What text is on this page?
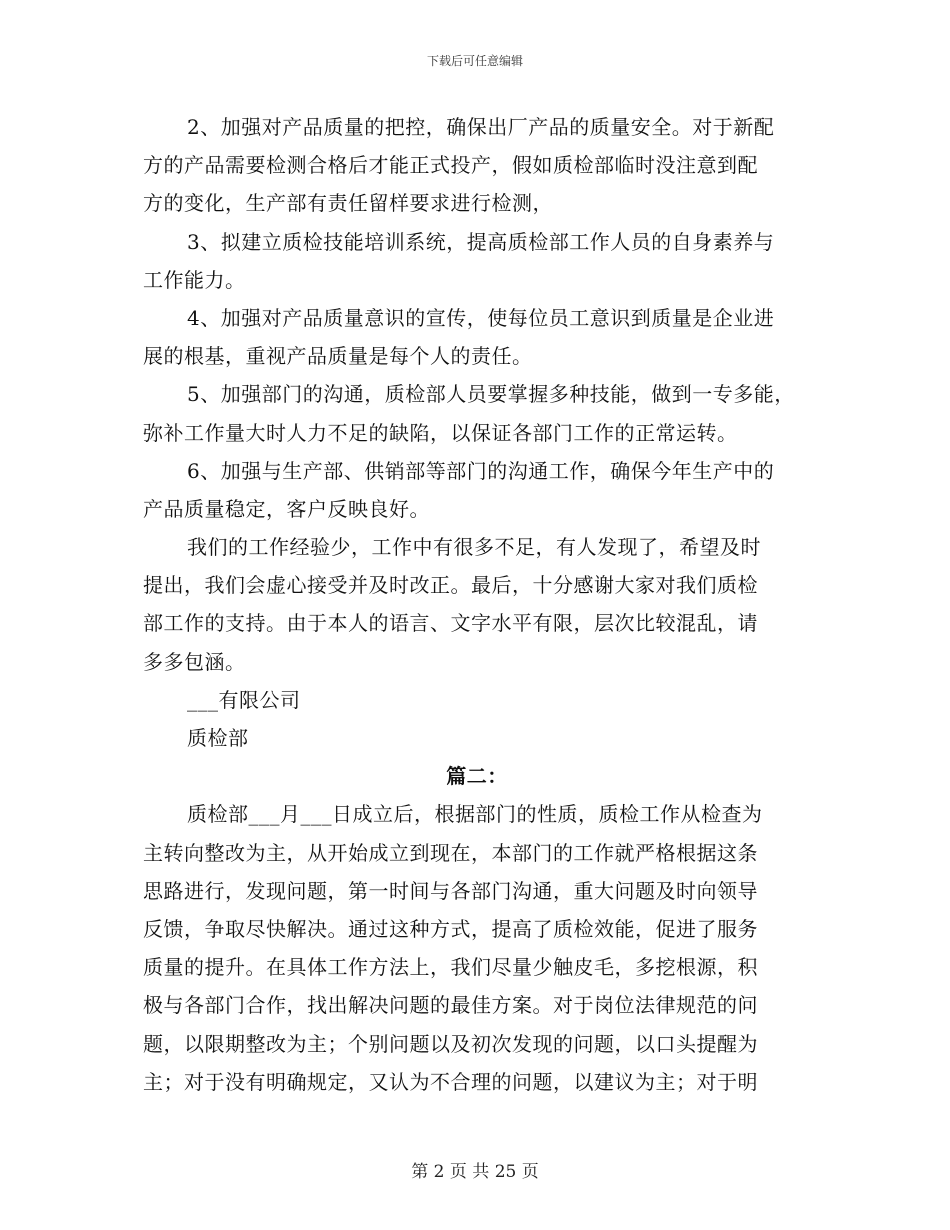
下载后可任意编辑
2、加强对产品质量的把控，确保出厂产品的质量安全。对于新配
方的产品需要检测合格后才能正式投产，假如质检部临时没注意到配
方的变化，生产部有责任留样要求进行检测，
3、拟建立质检技能培训系统，提高质检部工作人员的自身素养与
工作能力。
4、加强对产品质量意识的宣传，使每位员工意识到质量是企业进
展的根基，重视产品质量是每个人的责任。
5、加强部门的沟通，质检部人员要掌握多种技能，做到一专多能，
弥补工作量大时人力不足的缺陷，以保证各部门工作的正常运转。
6、加强与生产部、供销部等部门的沟通工作，确保今年生产中的
产品质量稳定，客户反映良好。
我们的工作经验少，工作中有很多不足，有人发现了，希望及时
提出，我们会虚心接受并及时改正。最后，十分感谢大家对我们质检
部工作的支持。由于本人的语言、文字水平有限，层次比较混乱，请
多多包涵。
___有限公司
质检部
篇二：
质检部___月___日成立后，根据部门的性质，质检工作从检查为
主转向整改为主，从开始成立到现在，本部门的工作就严格根据这条
思路进行，发现问题，第一时间与各部门沟通，重大问题及时向领导
反馈，争取尽快解决。通过这种方式，提高了质检效能，促进了服务
质量的提升。在具体工作方法上，我们尽量少触皮毛，多挖根源，积
极与各部门合作，找出解决问题的最佳方案。对于岗位法律规范的问
题，以限期整改为主；个别问题以及初次发现的问题，以口头提醒为
主；对于没有明确规定，又认为不合理的问题，以建议为主；对于明
第 2 页 共 25 页
